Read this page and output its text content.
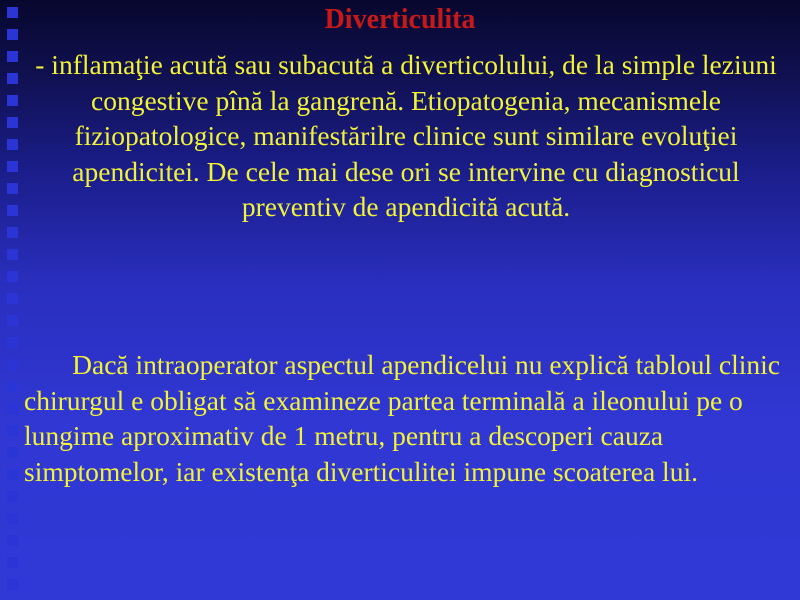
Diverticulita

- inflamaţie acută sau subacută a diverticolului, de la simple leziuni congestive pînă la gangrenă. Etiopatogenia, mecanismele fiziopatologice, manifestărilre clinice sunt similare evoluţiei apendicitei. De cele mai dese ori se intervine cu diagnosticul preventiv de apendicită acută.

Dacă intraoperator aspectul apendicelui nu explică tabloul clinic chirurgul e obligat să examineze partea terminală a ileonului pe o lungime aproximativ de 1 metru, pentru a descoperi cauza simptomelor, iar existenţa diverticulitei impune scoaterea lui.
